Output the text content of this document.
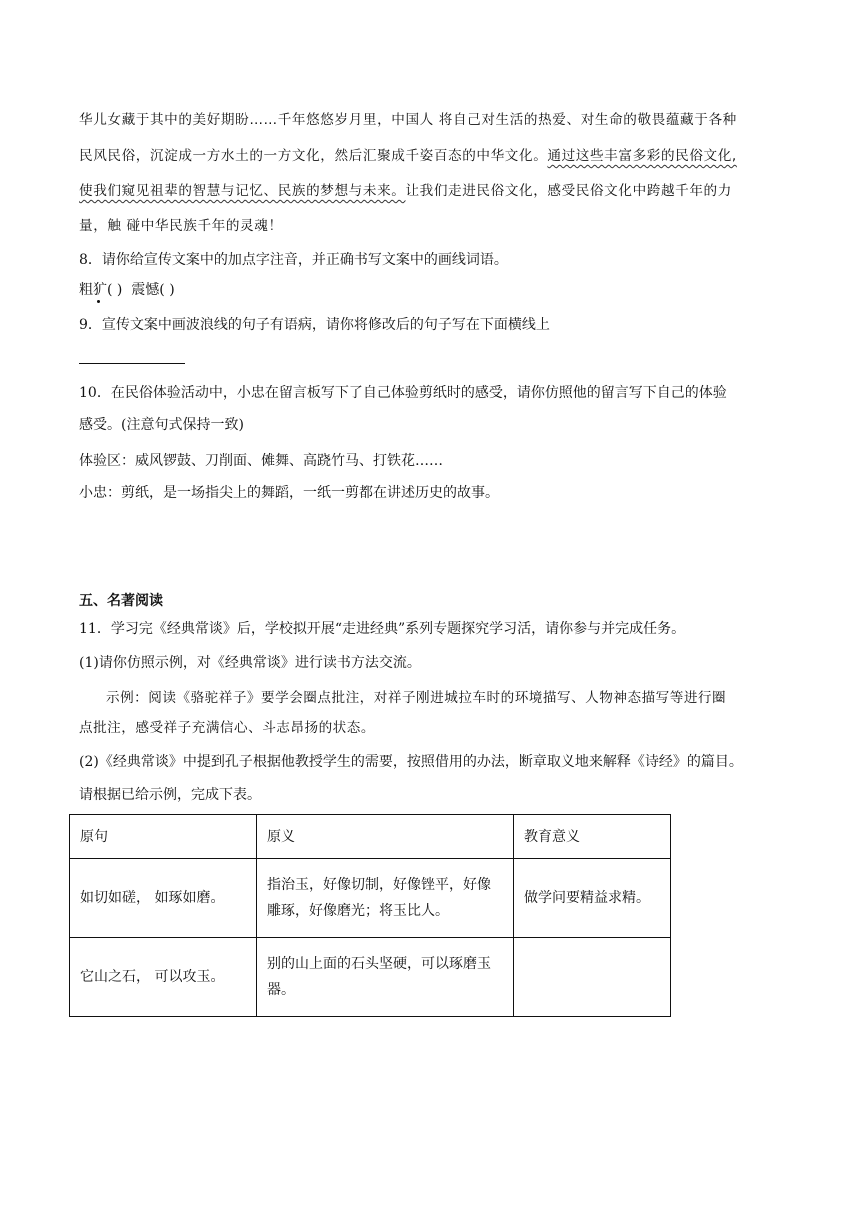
华儿女藏于其中的美好期盼……千年悠悠岁月里，中国人 将自己对生活的热爱、对生命的敬畏蕴藏于各种

民风民俗，沉淀成一方水土的一方文化，然后汇聚成千姿百态的中华文化。通过这些丰富多彩的民俗文化,

使我们窥见祖辈的智慧与记忆、民族的梦想与未来。让我们走进民俗文化，感受民俗文化中跨越千年的力

量，触 碰中华民族千年的灵魂！

8．请你给宣传文案中的加点字注音，并正确书写文案中的画线词语。

粗犷( ) 震憾( )

9．宣传文案中画波浪线的句子有语病，请你将修改后的句子写在下面横线上

10．在民俗体验活动中，小忠在留言板写下了自己体验剪纸时的感受，请你仿照他的留言写下自己的体验

感受。(注意句式保持一致)

体验区：威风锣鼓、刀削面、傩舞、高跷竹马、打铁花……

小忠：剪纸，是一场指尖上的舞蹈，一纸一剪都在讲述历史的故事。

五、名著阅读

11．学习完《经典常谈》后，学校拟开展“走进经典”系列专题探究学习活，请你参与并完成任务。

(1)请你仿照示例，对《经典常谈》进行读书方法交流。

示例：阅读《骆驼祥子》要学会圈点批注，对祥子刚进城拉车时的环境描写、人物神态描写等进行圈

点批注，感受祥子充满信心、斗志昂扬的状态。

(2)《经典常谈》中提到孔子根据他教授学生的需要，按照借用的办法，断章取义地来解释《诗经》的篇目。

请根据已给示例，完成下表。

原句	原义	教育意义
如切如磋， 如琢如磨。	指治玉，好像切制，好像锉平，好像雕琢，好像磨光；将玉比人。	做学问要精益求精。
它山之石， 可以攻玉。	别的山上面的石头坚硬，可以琢磨玉器。	
